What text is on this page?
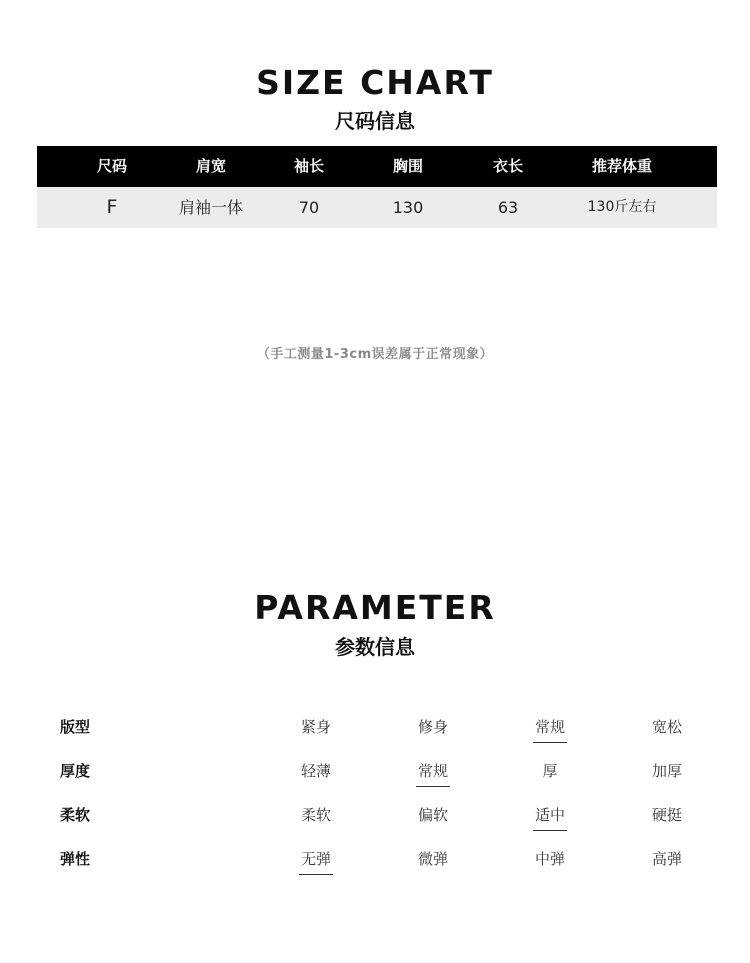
SIZE CHART
尺码信息
尺码	肩宽	袖长	胸围	衣长	推荐体重
F	肩袖一体	70	130	63	130斤左右
（手工测量1-3cm误差属于正常现象）
PARAMETER
参数信息
版型	紧身	修身	常规	宽松
厚度	轻薄	常规	厚	加厚
柔软	柔软	偏软	适中	硬挺
弹性	无弹	微弹	中弹	高弹
